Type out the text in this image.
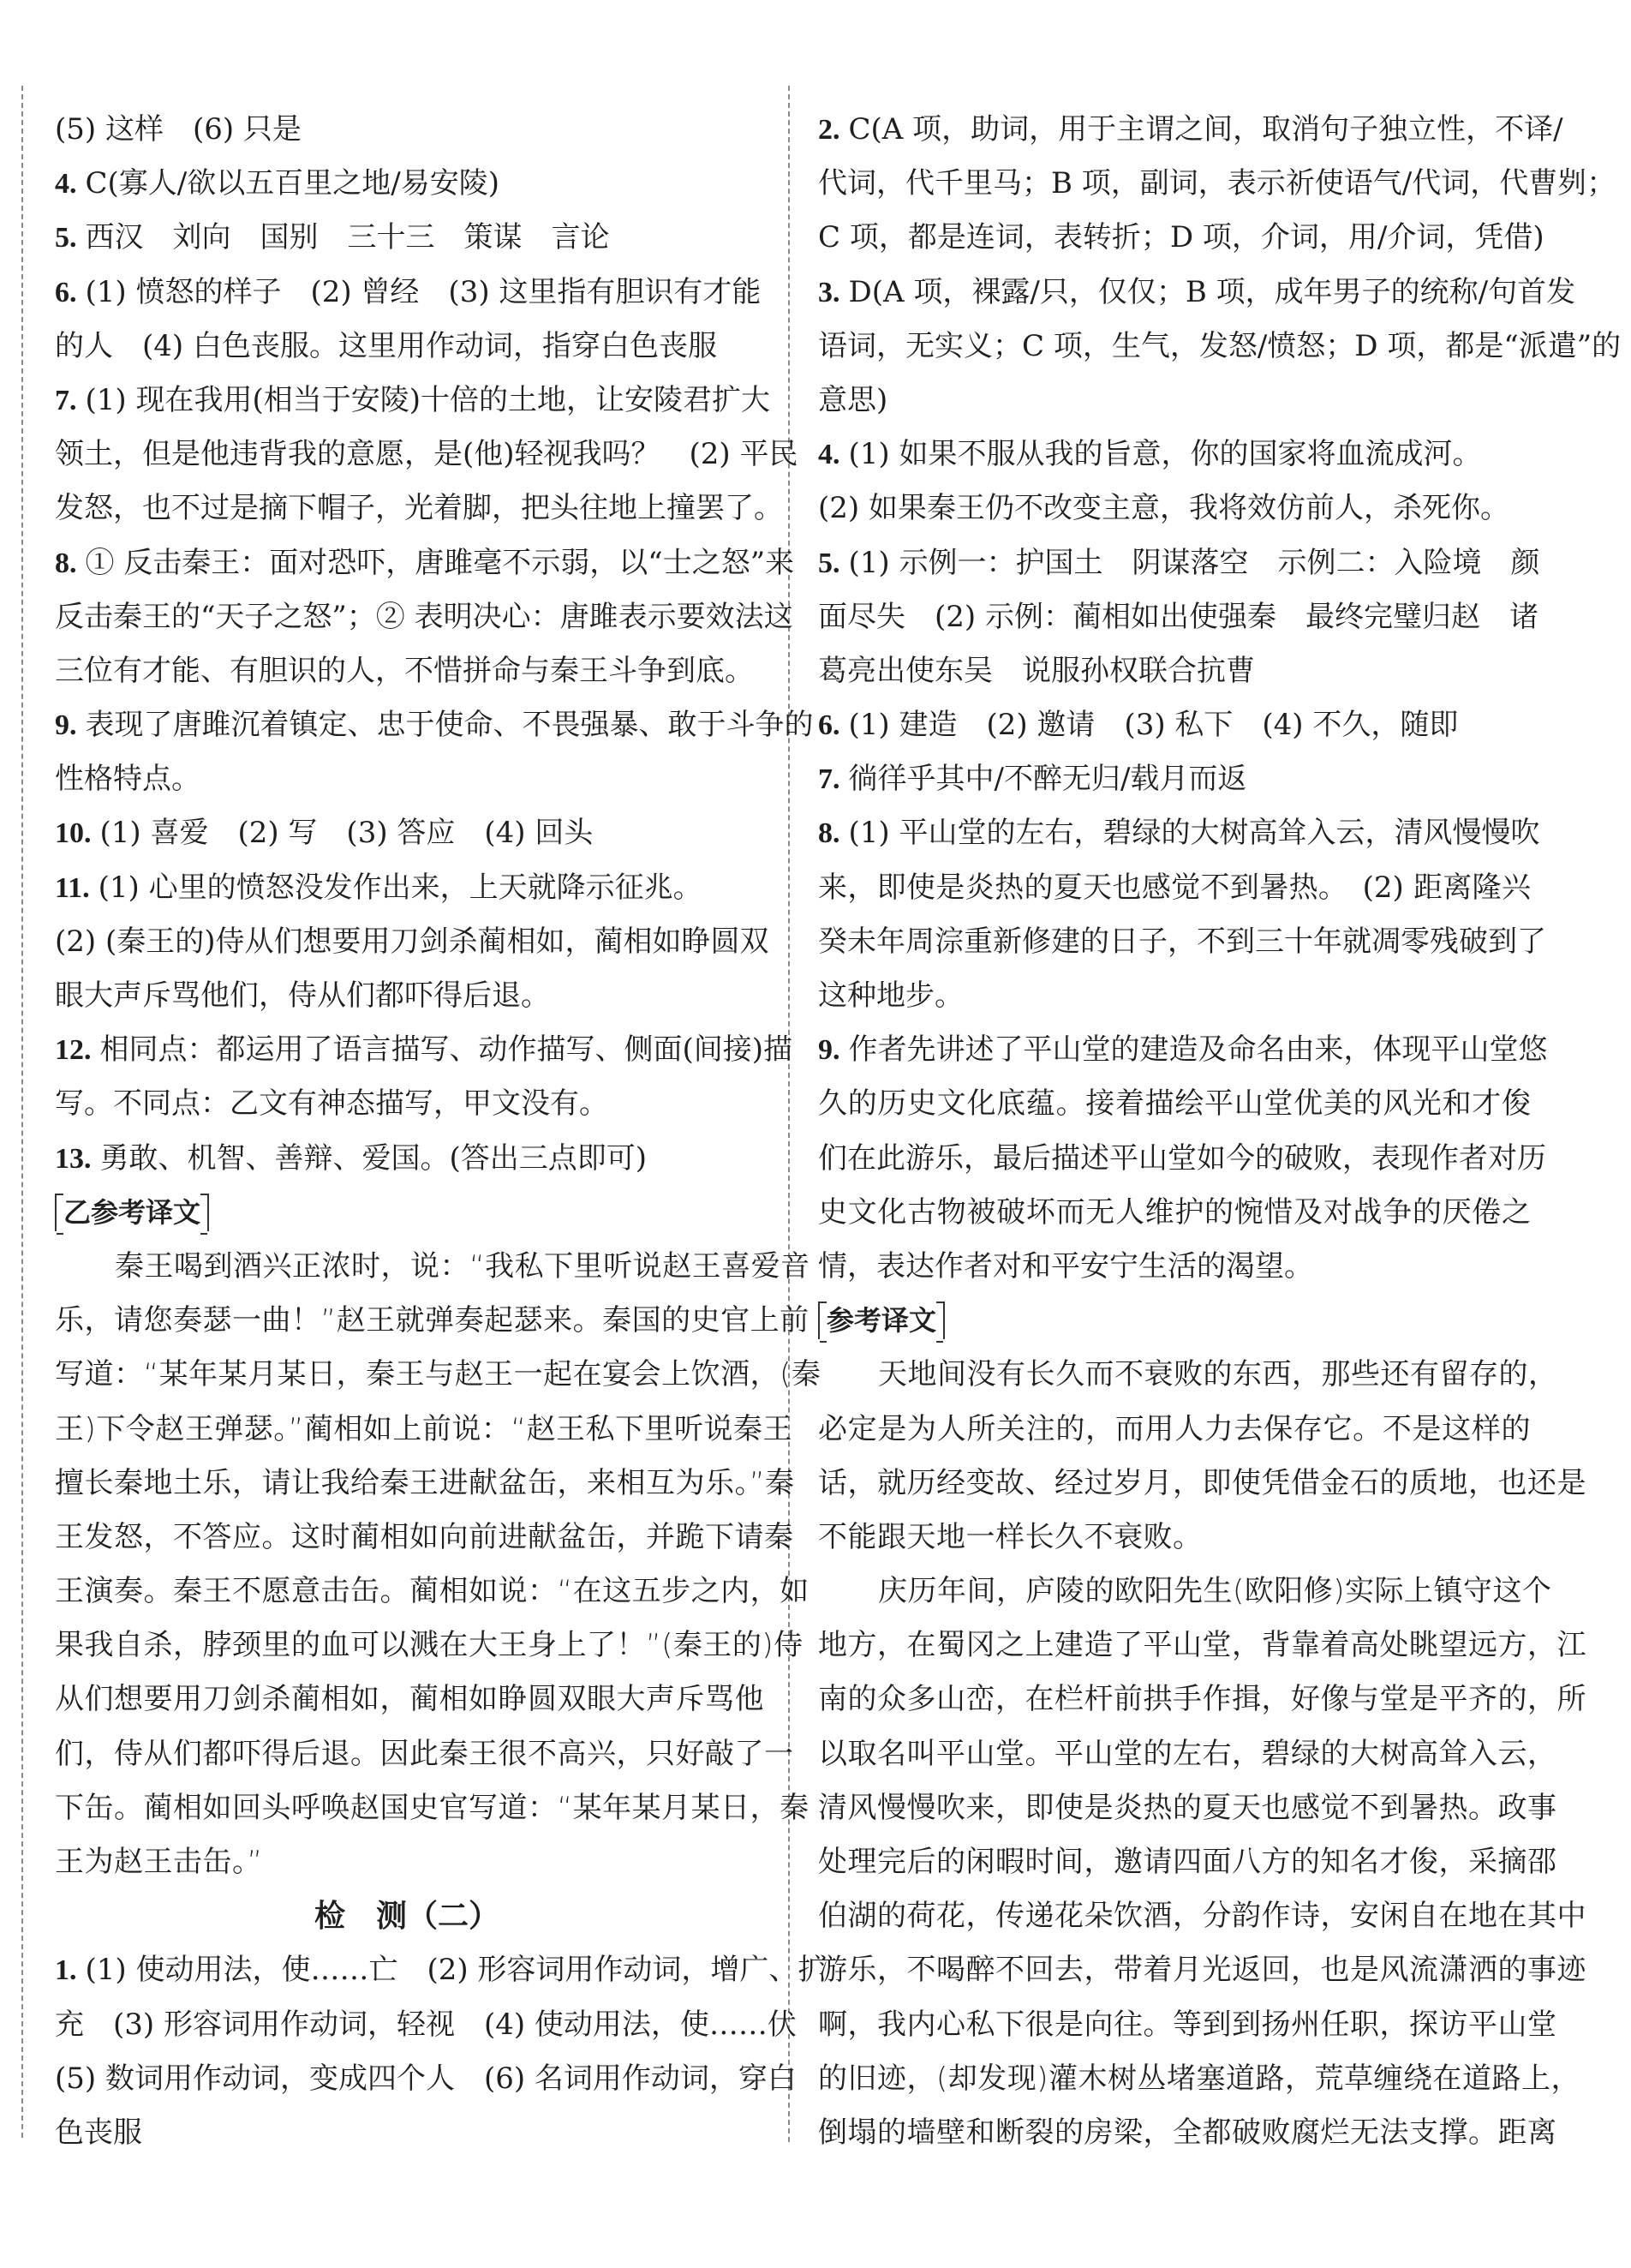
(5) 这样　(6) 只是
4. C(寡人/欲以五百里之地/易安陵)
5. 西汉　刘向　国别　三十三　策谋　言论
6. (1) 愤怒的样子　(2) 曾经　(3) 这里指有胆识有才能
的人　(4) 白色丧服。这里用作动词，指穿白色丧服
7. (1) 现在我用(相当于安陵)十倍的土地，让安陵君扩大
领土，但是他违背我的意愿，是(他)轻视我吗？　(2) 平民
发怒，也不过是摘下帽子，光着脚，把头往地上撞罢了。
8. ① 反击秦王：面对恐吓，唐雎毫不示弱，以“士之怒”来
反击秦王的“天子之怒”；② 表明决心：唐雎表示要效法这
三位有才能、有胆识的人，不惜拼命与秦王斗争到底。
9. 表现了唐雎沉着镇定、忠于使命、不畏强暴、敢于斗争的
性格特点。
10. (1) 喜爱　(2) 写　(3) 答应　(4) 回头
11. (1) 心里的愤怒没发作出来，上天就降示征兆。
(2) (秦王的)侍从们想要用刀剑杀蔺相如，蔺相如睁圆双
眼大声斥骂他们，侍从们都吓得后退。
12. 相同点：都运用了语言描写、动作描写、侧面(间接)描
写。不同点：乙文有神态描写，甲文没有。
13. 勇敢、机智、善辩、爱国。(答出三点即可)
乙参考译文
秦王喝到酒兴正浓时，说：“我私下里听说赵王喜爱音
乐，请您奏瑟一曲！”赵王就弹奏起瑟来。秦国的史官上前
写道：“某年某月某日，秦王与赵王一起在宴会上饮酒，(秦
王)下令赵王弹瑟。”蔺相如上前说：“赵王私下里听说秦王
擅长秦地土乐，请让我给秦王进献盆缶，来相互为乐。”秦
王发怒，不答应。这时蔺相如向前进献盆缶，并跪下请秦
王演奏。秦王不愿意击缶。蔺相如说：“在这五步之内，如
果我自杀，脖颈里的血可以溅在大王身上了！”(秦王的)侍
从们想要用刀剑杀蔺相如，蔺相如睁圆双眼大声斥骂他
们，侍从们都吓得后退。因此秦王很不高兴，只好敲了一
下缶。蔺相如回头呼唤赵国史官写道：“某年某月某日，秦
王为赵王击缶。”
检　测（二）
1. (1) 使动用法，使……亡　(2) 形容词用作动词，增广、扩
充　(3) 形容词用作动词，轻视　(4) 使动用法，使……伏
(5) 数词用作动词，变成四个人　(6) 名词用作动词，穿白
色丧服
2. C(A 项，助词，用于主谓之间，取消句子独立性，不译/
代词，代千里马；B 项，副词，表示祈使语气/代词，代曹刿；
C 项，都是连词，表转折；D 项，介词，用/介词，凭借)
3. D(A 项，裸露/只，仅仅；B 项，成年男子的统称/句首发
语词，无实义；C 项，生气，发怒/愤怒；D 项，都是“派遣”的
意思)
4. (1) 如果不服从我的旨意，你的国家将血流成河。
(2) 如果秦王仍不改变主意，我将效仿前人，杀死你。
5. (1) 示例一：护国土　阴谋落空　示例二：入险境　颜
面尽失　(2) 示例：蔺相如出使强秦　最终完璧归赵　诸
葛亮出使东吴　说服孙权联合抗曹
6. (1) 建造　(2) 邀请　(3) 私下　(4) 不久，随即
7. 徜徉乎其中/不醉无归/载月而返
8. (1) 平山堂的左右，碧绿的大树高耸入云，清风慢慢吹
来，即使是炎热的夏天也感觉不到暑热。　(2) 距离隆兴
癸未年周淙重新修建的日子，不到三十年就凋零残破到了
这种地步。
9. 作者先讲述了平山堂的建造及命名由来，体现平山堂悠
久的历史文化底蕴。接着描绘平山堂优美的风光和才俊
们在此游乐，最后描述平山堂如今的破败，表现作者对历
史文化古物被破坏而无人维护的惋惜及对战争的厌倦之
情，表达作者对和平安宁生活的渴望。
参考译文
天地间没有长久而不衰败的东西，那些还有留存的，
必定是为人所关注的，而用人力去保存它。不是这样的
话，就历经变故、经过岁月，即使凭借金石的质地，也还是
不能跟天地一样长久不衰败。
庆历年间，庐陵的欧阳先生(欧阳修)实际上镇守这个
地方，在蜀冈之上建造了平山堂，背靠着高处眺望远方，江
南的众多山峦，在栏杆前拱手作揖，好像与堂是平齐的，所
以取名叫平山堂。平山堂的左右，碧绿的大树高耸入云，
清风慢慢吹来，即使是炎热的夏天也感觉不到暑热。政事
处理完后的闲暇时间，邀请四面八方的知名才俊，采摘邵
伯湖的荷花，传递花朵饮酒，分韵作诗，安闲自在地在其中
游乐，不喝醉不回去，带着月光返回，也是风流潇洒的事迹
啊，我内心私下很是向往。等到到扬州任职，探访平山堂
的旧迹，(却发现)灌木树丛堵塞道路，荒草缠绕在道路上，
倒塌的墙壁和断裂的房梁，全都破败腐烂无法支撑。距离
